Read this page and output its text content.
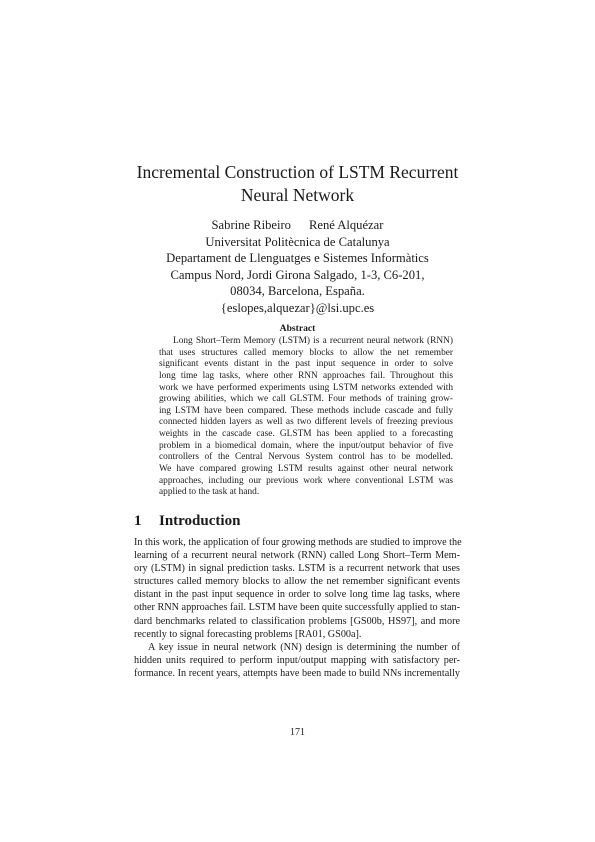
Incremental Construction of LSTM Recurrent
Neural Network
Sabrine Ribeiro René Alquézar
Universitat Politècnica de Catalunya
Departament de Llenguatges e Sistemes Informàtics
Campus Nord, Jordi Girona Salgado, 1-3, C6-201,
08034, Barcelona, España.
{eslopes,alquezar}@lsi.upc.es
Abstract
Long Short–Term Memory (LSTM) is a recurrent neural network (RNN)
that uses structures called memory blocks to allow the net remember
significant events distant in the past input sequence in order to solve
long time lag tasks, where other RNN approaches fail. Throughout this
work we have performed experiments using LSTM networks extended with
growing abilities, which we call GLSTM. Four methods of training grow-
ing LSTM have been compared. These methods include cascade and fully
connected hidden layers as well as two different levels of freezing previous
weights in the cascade case. GLSTM has been applied to a forecasting
problem in a biomedical domain, where the input/output behavior of five
controllers of the Central Nervous System control has to be modelled.
We have compared growing LSTM results against other neural network
approaches, including our previous work where conventional LSTM was
applied to the task at hand.
1 Introduction
In this work, the application of four growing methods are studied to improve the
learning of a recurrent neural network (RNN) called Long Short–Term Mem-
ory (LSTM) in signal prediction tasks. LSTM is a recurrent network that uses
structures called memory blocks to allow the net remember significant events
distant in the past input sequence in order to solve long time lag tasks, where
other RNN approaches fail. LSTM have been quite successfully applied to stan-
dard benchmarks related to classification problems [GS00b, HS97], and more
recently to signal forecasting problems [RA01, GS00a].
A key issue in neural network (NN) design is determining the number of
hidden units required to perform input/output mapping with satisfactory per-
formance. In recent years, attempts have been made to build NNs incrementally
171
